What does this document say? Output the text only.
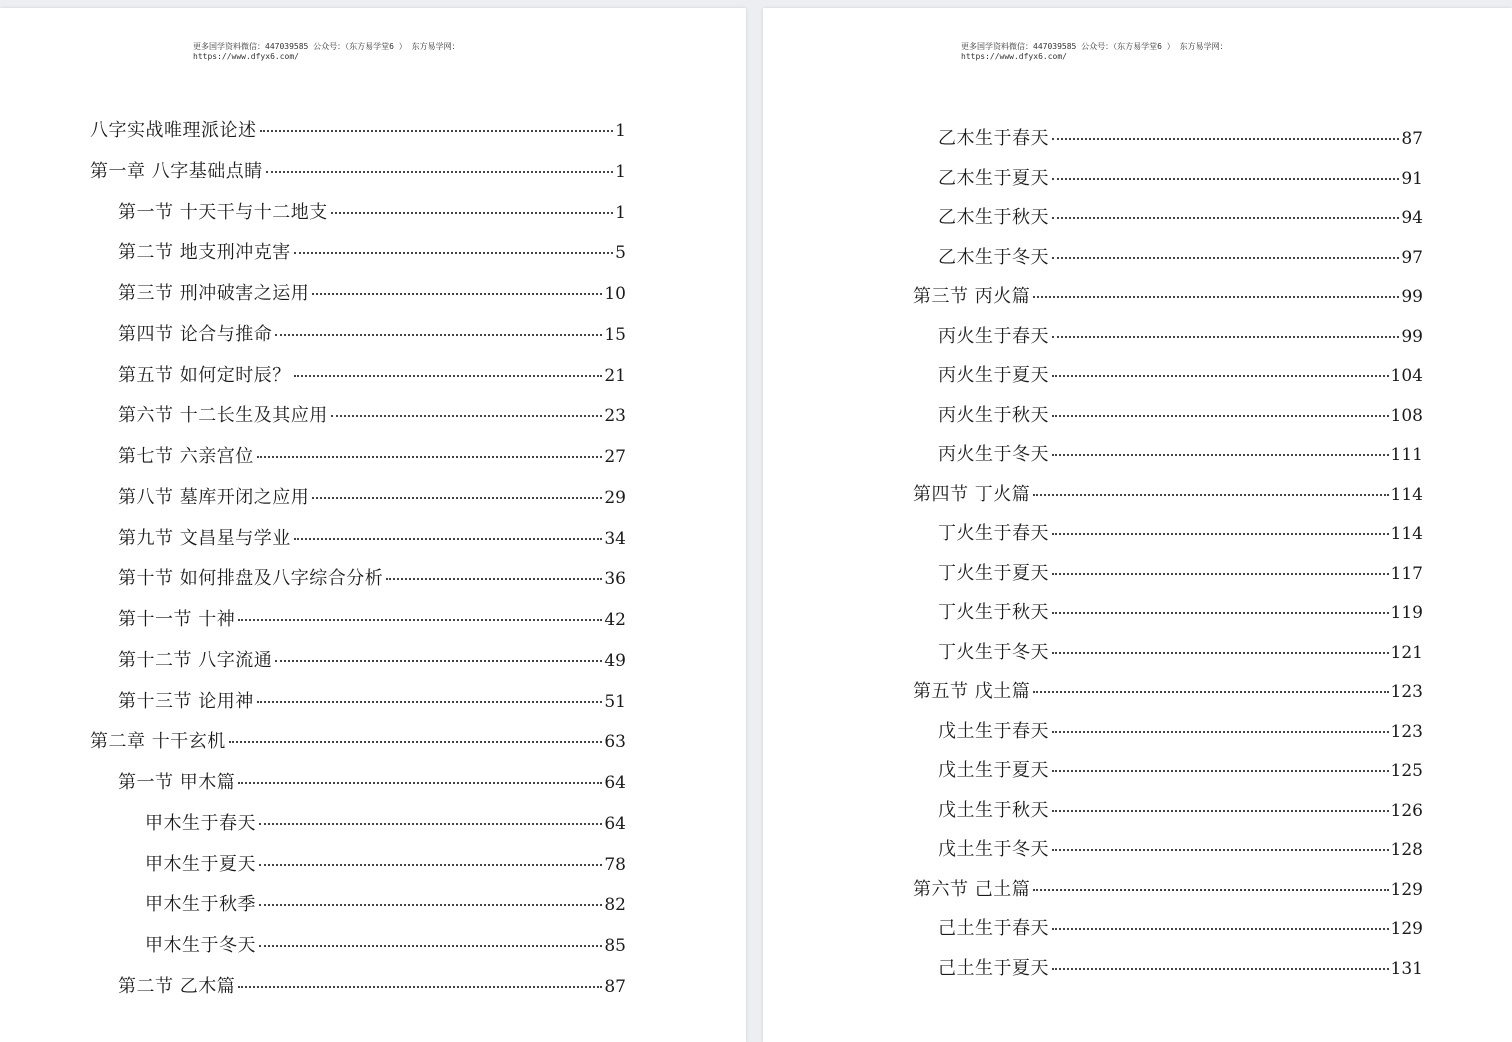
更多国学资料微信：447039585 公众号：（东方易学堂6 ） 东方易学网：
https://www.dfyx6.com/
八字实战唯理派论述	1
第一章 八字基础点睛	1
第一节 十天干与十二地支	1
第二节 地支刑冲克害	5
第三节 刑冲破害之运用	10
第四节 论合与推命	15
第五节 如何定时辰？	21
第六节 十二长生及其应用	23
第七节 六亲宫位	27
第八节 墓库开闭之应用	29
第九节 文昌星与学业	34
第十节 如何排盘及八字综合分析	36
第十一节 十神	42
第十二节 八字流通	49
第十三节 论用神	51
第二章 十干玄机	63
第一节 甲木篇	64
甲木生于春天	64
甲木生于夏天	78
甲木生于秋季	82
甲木生于冬天	85
第二节 乙木篇	87
更多国学资料微信：447039585 公众号：（东方易学堂6 ） 东方易学网：
https://www.dfyx6.com/
乙木生于春天	87
乙木生于夏天	91
乙木生于秋天	94
乙木生于冬天	97
第三节 丙火篇	99
丙火生于春天	99
丙火生于夏天	104
丙火生于秋天	108
丙火生于冬天	111
第四节 丁火篇	114
丁火生于春天	114
丁火生于夏天	117
丁火生于秋天	119
丁火生于冬天	121
第五节 戊土篇	123
戊土生于春天	123
戊土生于夏天	125
戊土生于秋天	126
戊土生于冬天	128
第六节 己土篇	129
己土生于春天	129
己土生于夏天	131
